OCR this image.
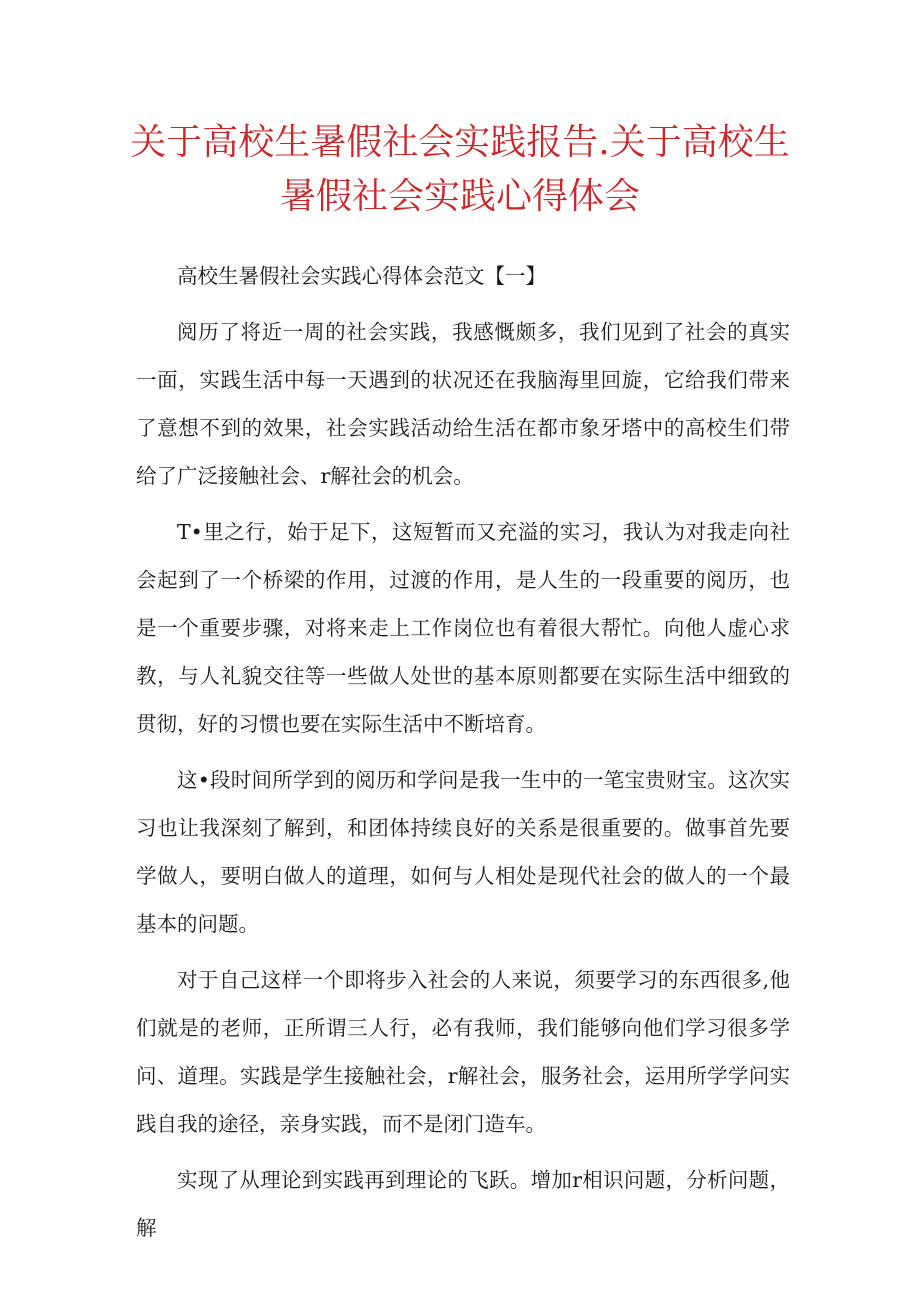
关于高校生暑假社会实践报告.关于高校生暑假社会实践心得体会

高校生暑假社会实践心得体会范文【一】

阅历了将近一周的社会实践，我感慨颇多，我们见到了社会的真实一面，实践生活中每一天遇到的状况还在我脑海里回旋，它给我们带来了意想不到的效果，社会实践活动给生活在都市象牙塔中的高校生们带给了广泛接触社会、r解社会的机会。

T•里之行，始于足下，这短暂而又充溢的实习，我认为对我走向社会起到了一个桥梁的作用，过渡的作用，是人生的一段重要的阅历，也是一个重要步骤，对将来走上工作岗位也有着很大帮忙。向他人虚心求教，与人礼貌交往等一些做人处世的基本原则都要在实际生活中细致的贯彻，好的习惯也要在实际生活中不断培育。

这•段时间所学到的阅历和学问是我一生中的一笔宝贵财宝。这次实习也让我深刻了解到，和团体持续良好的关系是很重要的。做事首先要学做人，要明白做人的道理，如何与人相处是现代社会的做人的一个最基本的问题。

对于自己这样一个即将步入社会的人来说，须要学习的东西很多,他们就是的老师，正所谓三人行，必有我师，我们能够向他们学习很多学问、道理。实践是学生接触社会，r解社会，服务社会，运用所学学问实践自我的途径，亲身实践，而不是闭门造车。

实现了从理论到实践再到理论的飞跃。增加r相识问题，分析问题，解
